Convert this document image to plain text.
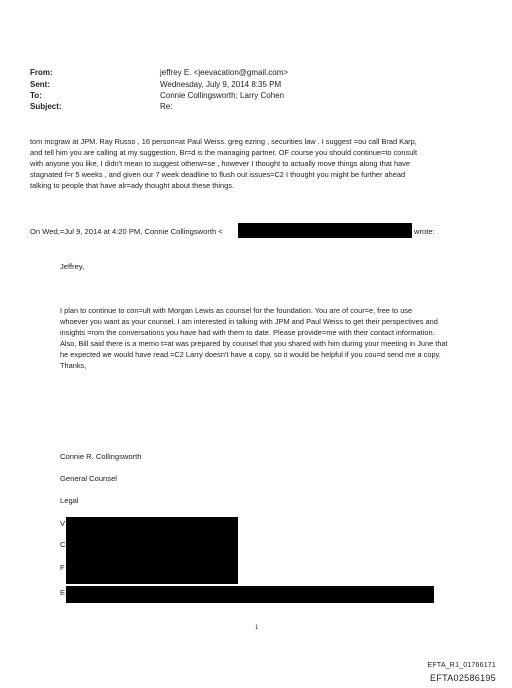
From:	jeffrey E. <jeevacation@gmail.com>
Sent:	Wednesday, July 9, 2014 8:35 PM
To:	Connie Collingsworth; Larry Cohen
Subject:	Re:
tom mcgraw at JPM. Ray Russo , 16 person=at Paul Weiss. greg ezring , securities law . I suggest =ou call Brad Karp,
and tell him you are calling at my suggestion, Br=d is the managing partner. OF course you should continue=to consult
with anyone you like, I didn't mean to suggest otherw=se , however I thought to actually move things along that have
stagnated f=r 5 weeks , and given our 7 week deadline to flush out issues=C2 I thought you might be further ahead
talking to people that have alr=ady thought about these things.
On Wed,=Jul 9, 2014 at 4:20 PM, Connie Collingsworth <	wrote:
Jeffrey,
I plan to continue to con=ult with Morgan Lewis as counsel for the foundation. You are of cour=e, free to use
whoever you want as your counsel. I am interested in talking with JPM and Paul Weiss to get their perspectives and
insights =rom the conversations you have had with them to date. Please provide=me with their contact information.
Also, Bill said there is a memo t=at was prepared by counsel that you shared with him during your meeting in June that
he expected we would have read.=C2 Larry doesn't have a copy, so it would be helpful if you cou=d send me a copy.
Thanks,
Connie R. Collingsworth
General Counsel
Legal
V
C
F
E
1
EFTA_R1_01766171
EFTA02586195
